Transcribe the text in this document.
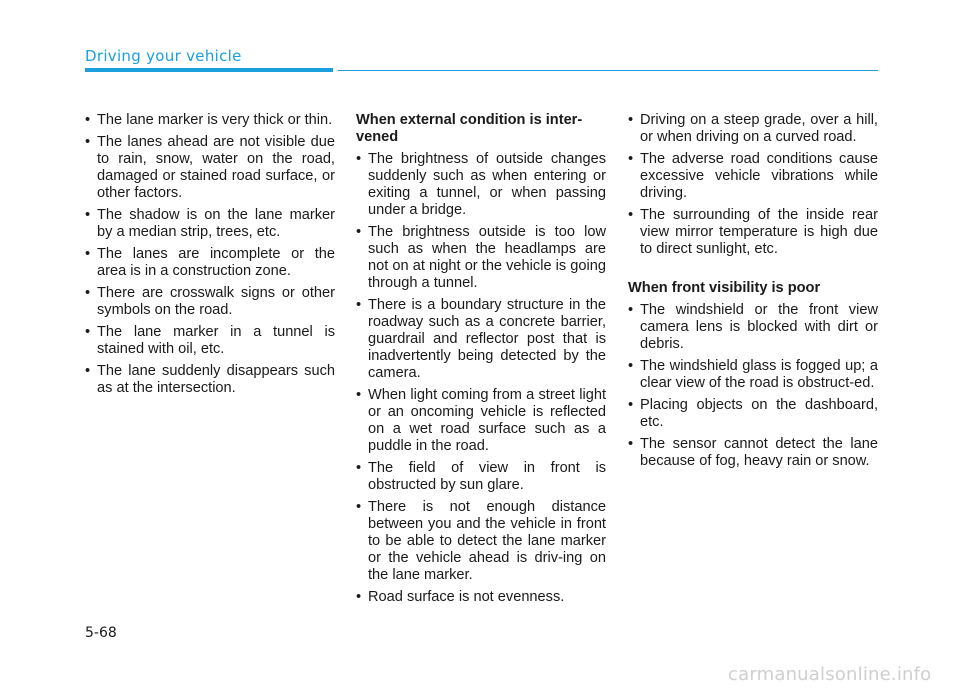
Driving your vehicle
• The lane marker is very thick or thin.
• The lanes ahead are not visible due to rain, snow, water on the road, damaged or stained road surface, or other factors.
• The shadow is on the lane marker by a median strip, trees, etc.
• The lanes are incomplete or the area is in a construction zone.
• There are crosswalk signs or other symbols on the road.
• The lane marker in a tunnel is stained with oil, etc.
• The lane suddenly disappears such as at the intersection.
When external condition is inter-vened
• The brightness of outside changes suddenly such as when entering or exiting a tunnel, or when passing under a bridge.
• The brightness outside is too low such as when the headlamps are not on at night or the vehicle is going through a tunnel.
• There is a boundary structure in the roadway such as a concrete barrier, guardrail and reflector post that is inadvertently being detected by the camera.
• When light coming from a street light or an oncoming vehicle is reflected on a wet road surface such as a puddle in the road.
• The field of view in front is obstructed by sun glare.
• There is not enough distance between you and the vehicle in front to be able to detect the lane marker or the vehicle ahead is driv-ing on the lane marker.
• Road surface is not evenness.
• Driving on a steep grade, over a hill, or when driving on a curved road.
• The adverse road conditions cause excessive vehicle vibrations while driving.
• The surrounding of the inside rear view mirror temperature is high due to direct sunlight, etc.
When front visibility is poor
• The windshield or the front view camera lens is blocked with dirt or debris.
• The windshield glass is fogged up; a clear view of the road is obstruct-ed.
• Placing objects on the dashboard, etc.
• The sensor cannot detect the lane because of fog, heavy rain or snow.
5-68
carmanualsonline.info
